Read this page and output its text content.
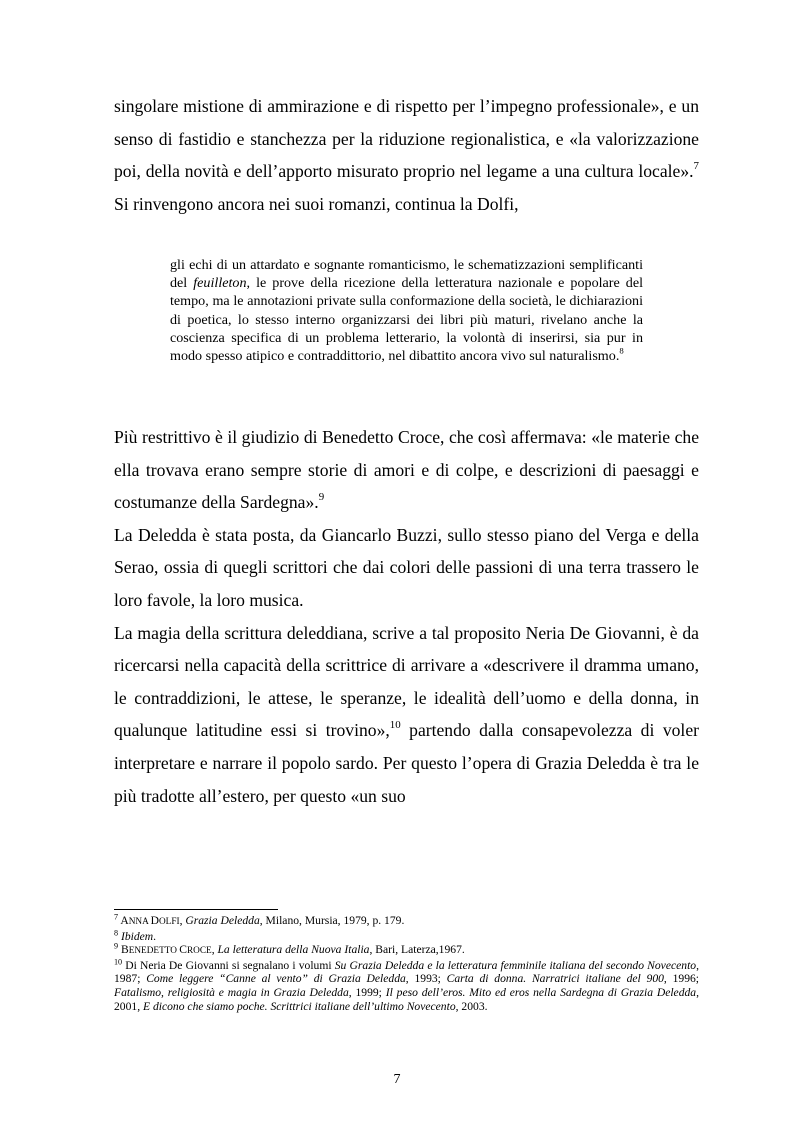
singolare mistione di ammirazione e di rispetto per l’impegno professionale», e un senso di fastidio e stanchezza per la riduzione regionalistica, e «la valorizzazione poi, della novità e dell’apporto misurato proprio nel legame a una cultura locale».$^7$ Si rinvengono ancora nei suoi romanzi, continua la Dolfi,

gli echi di un attardato e sognante romanticismo, le schematizzazioni semplificanti del feuilleton, le prove della ricezione della letteratura nazionale e popolare del tempo, ma le annotazioni private sulla conformazione della società, le dichiarazioni di poetica, lo stesso interno organizzarsi dei libri più maturi, rivelano anche la coscienza specifica di un problema letterario, la volontà di inserirsi, sia pur in modo spesso atipico e contraddittorio, nel dibattito ancora vivo sul naturalismo.$^8$

Più restrittivo è il giudizio di Benedetto Croce, che così affermava: «le materie che ella trovava erano sempre storie di amori e di colpe, e descrizioni di paesaggi e costumanze della Sardegna».$^9$

La Deledda è stata posta, da Giancarlo Buzzi, sullo stesso piano del Verga e della Serao, ossia di quegli scrittori che dai colori delle passioni di una terra trassero le loro favole, la loro musica.

La magia della scrittura deleddiana, scrive a tal proposito Neria De Giovanni, è da ricercarsi nella capacità della scrittrice di arrivare a «descrivere il dramma umano, le contraddizioni, le attese, le speranze, le idealità dell’uomo e della donna, in qualunque latitudine essi si trovino»,$^{10}$ partendo dalla consapevolezza di voler interpretare e narrare il popolo sardo. Per questo l’opera di Grazia Deledda è tra le più tradotte all’estero, per questo «un suo

$^7$ ANNA DOLFI, Grazia Deledda, Milano, Mursia, 1979, p. 179.

$^8$ Ibidem.

$^9$ BENEDETTO CROCE, La letteratura della Nuova Italia, Bari, Laterza,1967.

$^{10}$ Di Neria De Giovanni si segnalano i volumi Su Grazia Deledda e la letteratura femminile italiana del secondo Novecento, 1987; Come leggere “Canne al vento” di Grazia Deledda, 1993; Carta di donna. Narratrici italiane del 900, 1996; Fatalismo, religiosità e magia in Grazia Deledda, 1999; Il peso dell’eros. Mito ed eros nella Sardegna di Grazia Deledda, 2001, E dicono che siamo poche. Scrittrici italiane dell’ultimo Novecento, 2003.

7
